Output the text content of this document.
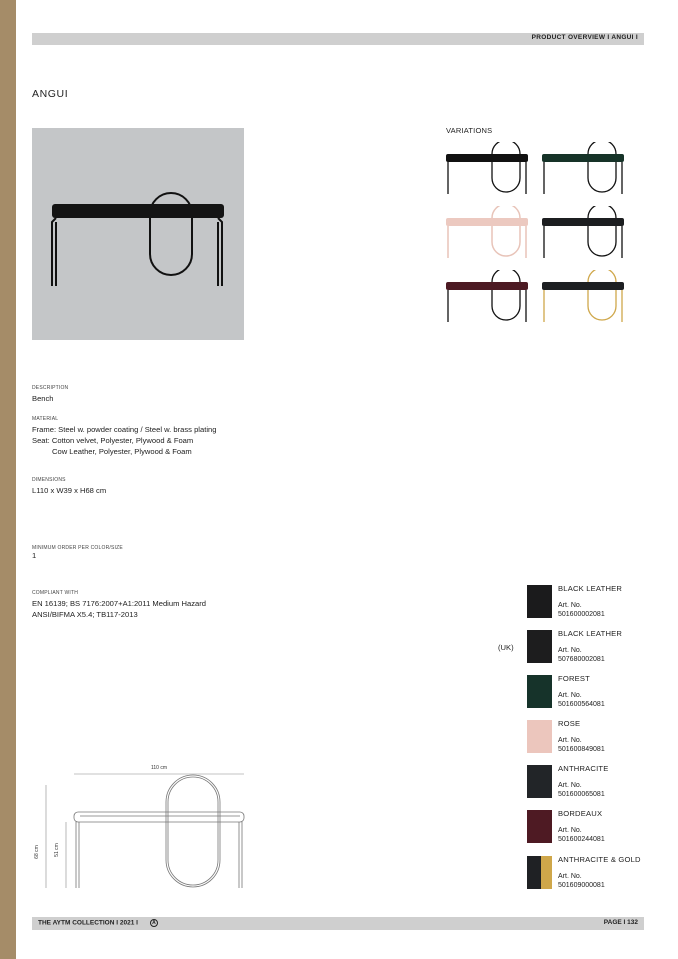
PRODUCT OVERVIEW I ANGUI I
ANGUI
VARIATIONS
DESCRIPTION
Bench
MATERIAL
Frame: Steel w. powder coating / Steel w. brass plating
Seat: Cotton velvet, Polyester, Plywood & Foam
Cow Leather, Polyester, Plywood & Foam
DIMENSIONS
L110 x W39 x H68 cm
MINIMUM ORDER PER COLOR/SIZE
1
COMPLIANT WITH
EN 16139; BS 7176:2007+A1:2011 Medium Hazard
ANSI/BIFMA X5.4; TB117-2013
(UK)
BLACK LEATHER
Art. No.
501600002081
BLACK LEATHER
Art. No.
507680002081
FOREST
Art. No.
501600564081
ROSE
Art. No.
501600849081
ANTHRACITE
Art. No.
501600065081
BORDEAUX
Art. No.
501600244081
ANTHRACITE & GOLD
Art. No.
501609000081
110 cm
68 cm	51 cm
THE AYTM COLLECTION I 2021 I	A	PAGE I 132
